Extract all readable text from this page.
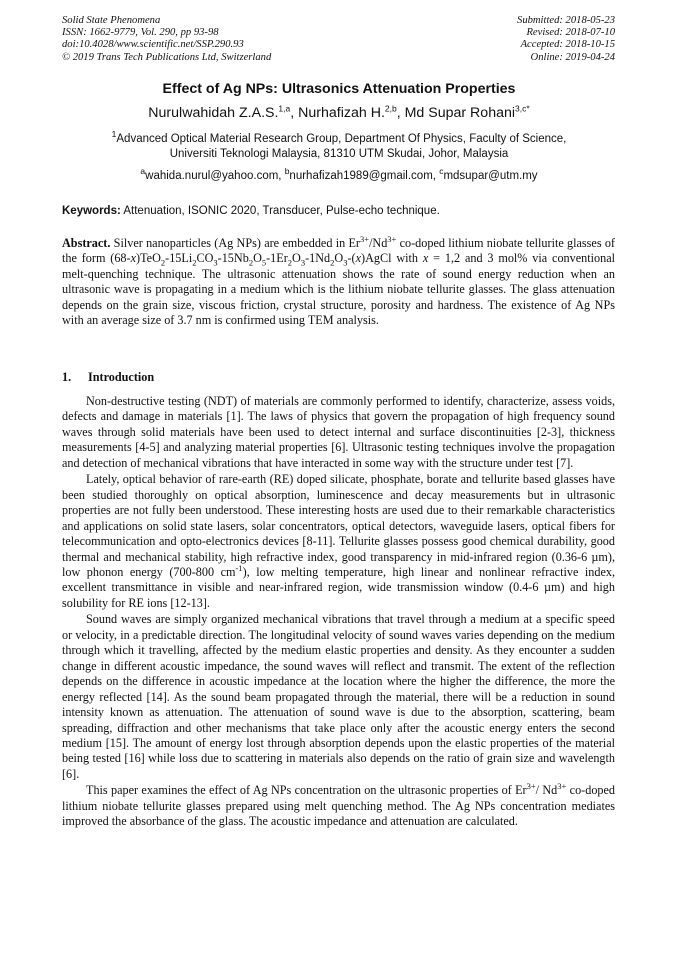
Solid State Phenomena
ISSN: 1662-9779, Vol. 290, pp 93-98
doi:10.4028/www.scientific.net/SSP.290.93
© 2019 Trans Tech Publications Ltd, Switzerland
Submitted: 2018-05-23
Revised: 2018-07-10
Accepted: 2018-10-15
Online: 2019-04-24
Effect of Ag NPs: Ultrasonics Attenuation Properties
Nurulwahidah Z.A.S.$^{1,a}$, Nurhafizah H.$^{2,b}$, Md Supar Rohani$^{3,c*}$
$^1$Advanced Optical Material Research Group, Department Of Physics, Faculty of Science,
Universiti Teknologi Malaysia, 81310 UTM Skudai, Johor, Malaysia
$^a$wahida.nurul@yahoo.com, $^b$nurhafizah1989@gmail.com, $^c$mdsupar@utm.my
Keywords: Attenuation, ISONIC 2020, Transducer, Pulse-echo technique.

Abstract. Silver nanoparticles (Ag NPs) are embedded in $Er^{3+}/Nd^{3+}$ co-doped lithium niobate tellurite glasses of the form $(68-x)TeO_2-15Li_2CO_3-15Nb_2O_5-1Er_2O_3-1Nd_2O_3-(x)AgCl$ with x = 1,2 and 3 mol% via conventional melt-quenching technique. The ultrasonic attenuation shows the rate of sound energy reduction when an ultrasonic wave is propagating in a medium which is the lithium niobate tellurite glasses. The glass attenuation depends on the grain size, viscous friction, crystal structure, porosity and hardness. The existence of Ag NPs with an average size of 3.7 nm is confirmed using TEM analysis.

1. Introduction

Non-destructive testing (NDT) of materials are commonly performed to identify, characterize, assess voids, defects and damage in materials [1]. The laws of physics that govern the propagation of high frequency sound waves through solid materials have been used to detect internal and surface discontinuities [2-3], thickness measurements [4-5] and analyzing material properties [6]. Ultrasonic testing techniques involve the propagation and detection of mechanical vibrations that have interacted in some way with the structure under test [7].

Lately, optical behavior of rare-earth (RE) doped silicate, phosphate, borate and tellurite based glasses have been studied thoroughly on optical absorption, luminescence and decay measurements but in ultrasonic properties are not fully been understood. These interesting hosts are used due to their remarkable characteristics and applications on solid state lasers, solar concentrators, optical detectors, waveguide lasers, optical fibers for telecommunication and opto-electronics devices [8-11]. Tellurite glasses possess good chemical durability, good thermal and mechanical stability, high refractive index, good transparency in mid-infrared region (0.36-6 µm), low phonon energy (700-800 $cm^{-1}$), low melting temperature, high linear and nonlinear refractive index, excellent transmittance in visible and near-infrared region, wide transmission window (0.4-6 µm) and high solubility for RE ions [12-13].

Sound waves are simply organized mechanical vibrations that travel through a medium at a specific speed or velocity, in a predictable direction. The longitudinal velocity of sound waves varies depending on the medium through which it travelling, affected by the medium elastic properties and density. As they encounter a sudden change in different acoustic impedance, the sound waves will reflect and transmit. The extent of the reflection depends on the difference in acoustic impedance at the location where the higher the difference, the more the energy reflected [14]. As the sound beam propagated through the material, there will be a reduction in sound intensity known as attenuation. The attenuation of sound wave is due to the absorption, scattering, beam spreading, diffraction and other mechanisms that take place only after the acoustic energy enters the second medium [15]. The amount of energy lost through absorption depends upon the elastic properties of the material being tested [16] while loss due to scattering in materials also depends on the ratio of grain size and wavelength [6].

This paper examines the effect of Ag NPs concentration on the ultrasonic properties of $Er^{3+}/$ $Nd^{3+}$ co-doped lithium niobate tellurite glasses prepared using melt quenching method. The Ag NPs concentration mediates improved the absorbance of the glass. The acoustic impedance and attenuation are calculated.
